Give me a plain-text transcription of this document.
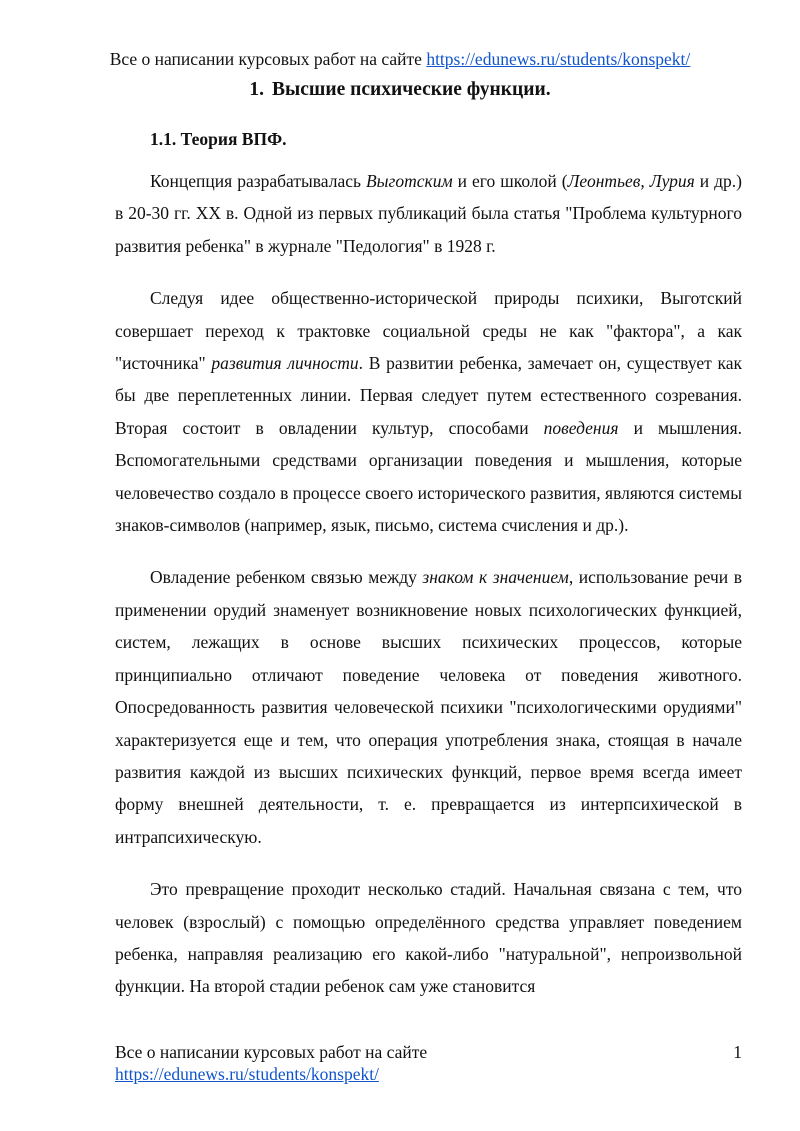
Все о написании курсовых работ на сайте https://edunews.ru/students/konspekt/
1. Высшие психические функции.
1.1. Теория ВПФ.

Концепция разрабатывалась Выготским и его школой (Леонтьев, Лурия и др.) в 20-30 гг. XX в. Одной из первых публикаций была статья "Проблема культурного развития ребенка" в журнале "Педология" в 1928 г.

Следуя идее общественно-исторической природы психики, Выготский совершает переход к трактовке социальной среды не как "фактора", а как "источника" развития личности. В развитии ребенка, замечает он, существует как бы две переплетенных линии. Первая следует путем естественного созревания. Вторая состоит в овладении культур, способами поведения и мышления. Вспомогательными средствами организации поведения и мышления, которые человечество создало в процессе своего исторического развития, являются системы знаков-символов (например, язык, письмо, система счисления и др.).

Овладение ребенком связью между знаком к значением, использование речи в применении орудий знаменует возникновение новых психологических функцией, систем, лежащих в основе высших психических процессов, которые принципиально отличают поведение человека от поведения животного. Опосредованность развития человеческой психики "психологическими орудиями" характеризуется еще и тем, что операция употребления знака, стоящая в начале развития каждой из высших психических функций, первое время всегда имеет форму внешней деятельности, т. е. превращается из интерпсихической в интрапсихическую.

Это превращение проходит несколько стадий. Начальная связана с тем, что человек (взрослый) с помощью определённого средства управляет поведением ребенка, направляя реализацию его какой-либо "натуральной", непроизвольной функции. На второй стадии ребенок сам уже становится

Все о написании курсовых работ на сайте
https://edunews.ru/students/konspekt/
1
